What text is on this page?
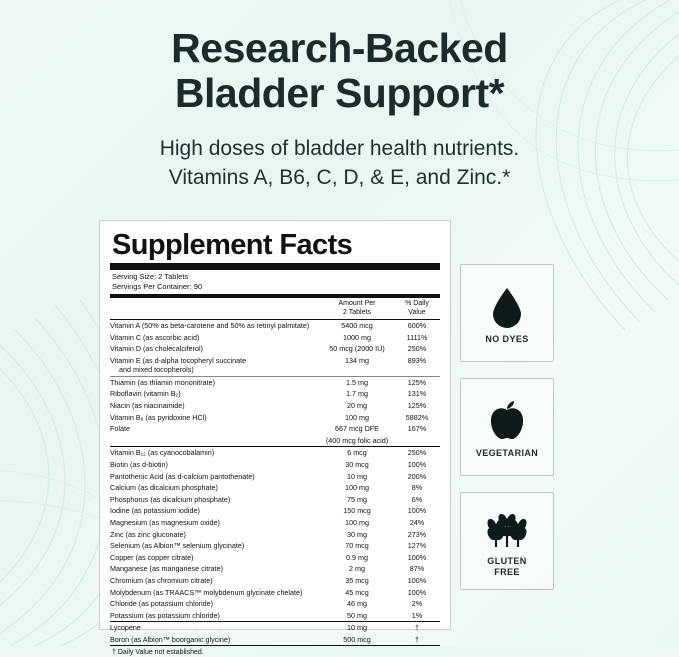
Research-Backed
Bladder Support*
High doses of bladder health nutrients.
Vitamins A, B6, C, D, & E, and Zinc.*
Supplement Facts
Serving Size: 2 Tablets
Servings Per Container: 90
Amount Per
2 Tablets
% Daily
Value
Vitamin A (50% as beta-carotene and 50% as retinyl palmitate)	5400 mcg	600%
Vitamin C (as ascorbic acid)	1000 mg	1111%
Vitamin D (as cholecalciferol)	50 mcg (2000 IU)	250%
Vitamin E (as d-alpha tocopheryl succinate
and mixed tocopherols)	134 mg	893%
Thiamin (as thiamin mononitrate)	1.5 mg	125%
Riboflavin (vitamin B₂)	1.7 mg	131%
Niacin (as niacinamide)	20 mg	125%
Vitamin B₆ (as pyridoxine HCl)	100 mg	5882%
Folate	667 mcg DFE	167%
	(400 mcg folic acid)	
Vitamin B₁₂ (as cyanocobalamin)	6 mcg	250%
Biotin (as d-biotin)	30 mcg	100%
Pantothenic Acid (as d-calcium pantothenate)	10 mg	200%
Calcium (as dicalcium phosphate)	100 mg	8%
Phosphorus (as dicalcium phosphate)	75 mg	6%
Iodine (as potassium iodide)	150 mcg	100%
Magnesium (as magnesium oxide)	100 mg	24%
Zinc (as zinc gluconate)	30 mg	273%
Selenium (as Albion™ selenium glycinate)	70 mcg	127%
Copper (as copper citrate)	0.9 mg	100%
Manganese (as manganese citrate)	2 mg	87%
Chromium (as chromium citrate)	35 mcg	100%
Molybdenum (as TRAACS™ molybdenum glycinate chelate)	45 mcg	100%
Chloride (as potassium chloride)	46 mg	2%
Potassium (as potassium chloride)	50 mg	1%
Lycopene	10 mg	†
Boron (as Albion™ boorganic glycine)	500 mcg	†
† Daily Value not established.
NO DYES
VEGETARIAN
GLUTEN
FREE
